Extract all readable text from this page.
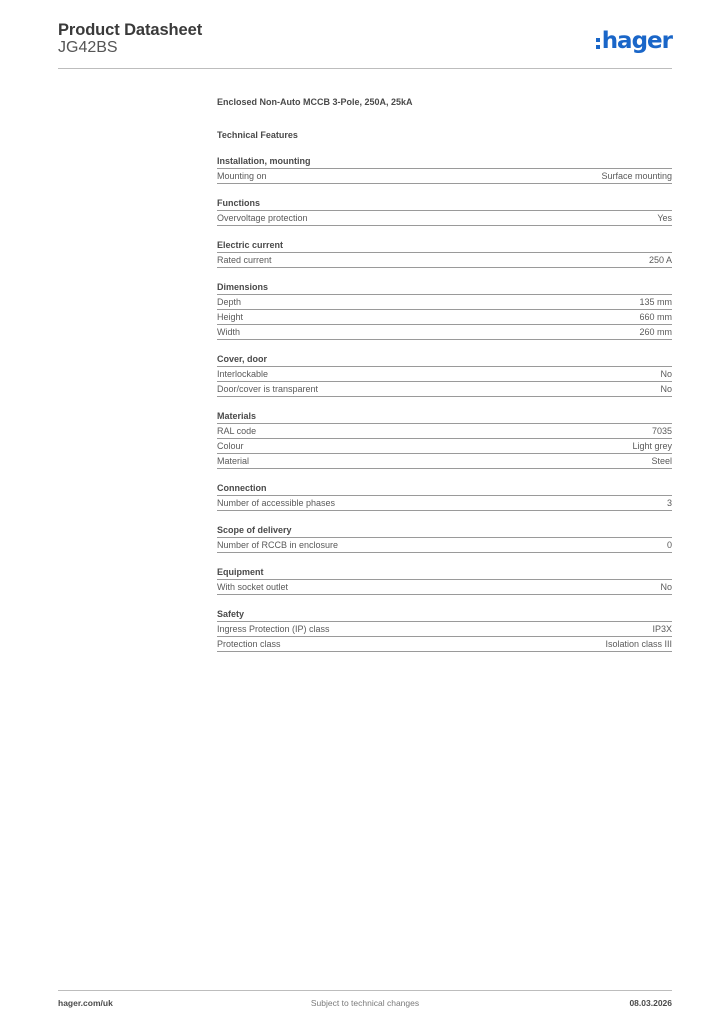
Product Datasheet
JG42BS	hager
Enclosed Non-Auto MCCB 3-Pole, 250A, 25kA
Technical Features
Installation, mounting
Mounting on	Surface mounting
Functions
Overvoltage protection	Yes
Electric current
Rated current	250 A
Dimensions
Depth	135 mm
Height	660 mm
Width	260 mm
Cover, door
Interlockable	No
Door/cover is transparent	No
Materials
RAL code	7035
Colour	Light grey
Material	Steel
Connection
Number of accessible phases	3
Scope of delivery
Number of RCCB in enclosure	0
Equipment
With socket outlet	No
Safety
Ingress Protection (IP) class	IP3X
Protection class	Isolation class III
hager.com/uk	Subject to technical changes	08.03.2026
